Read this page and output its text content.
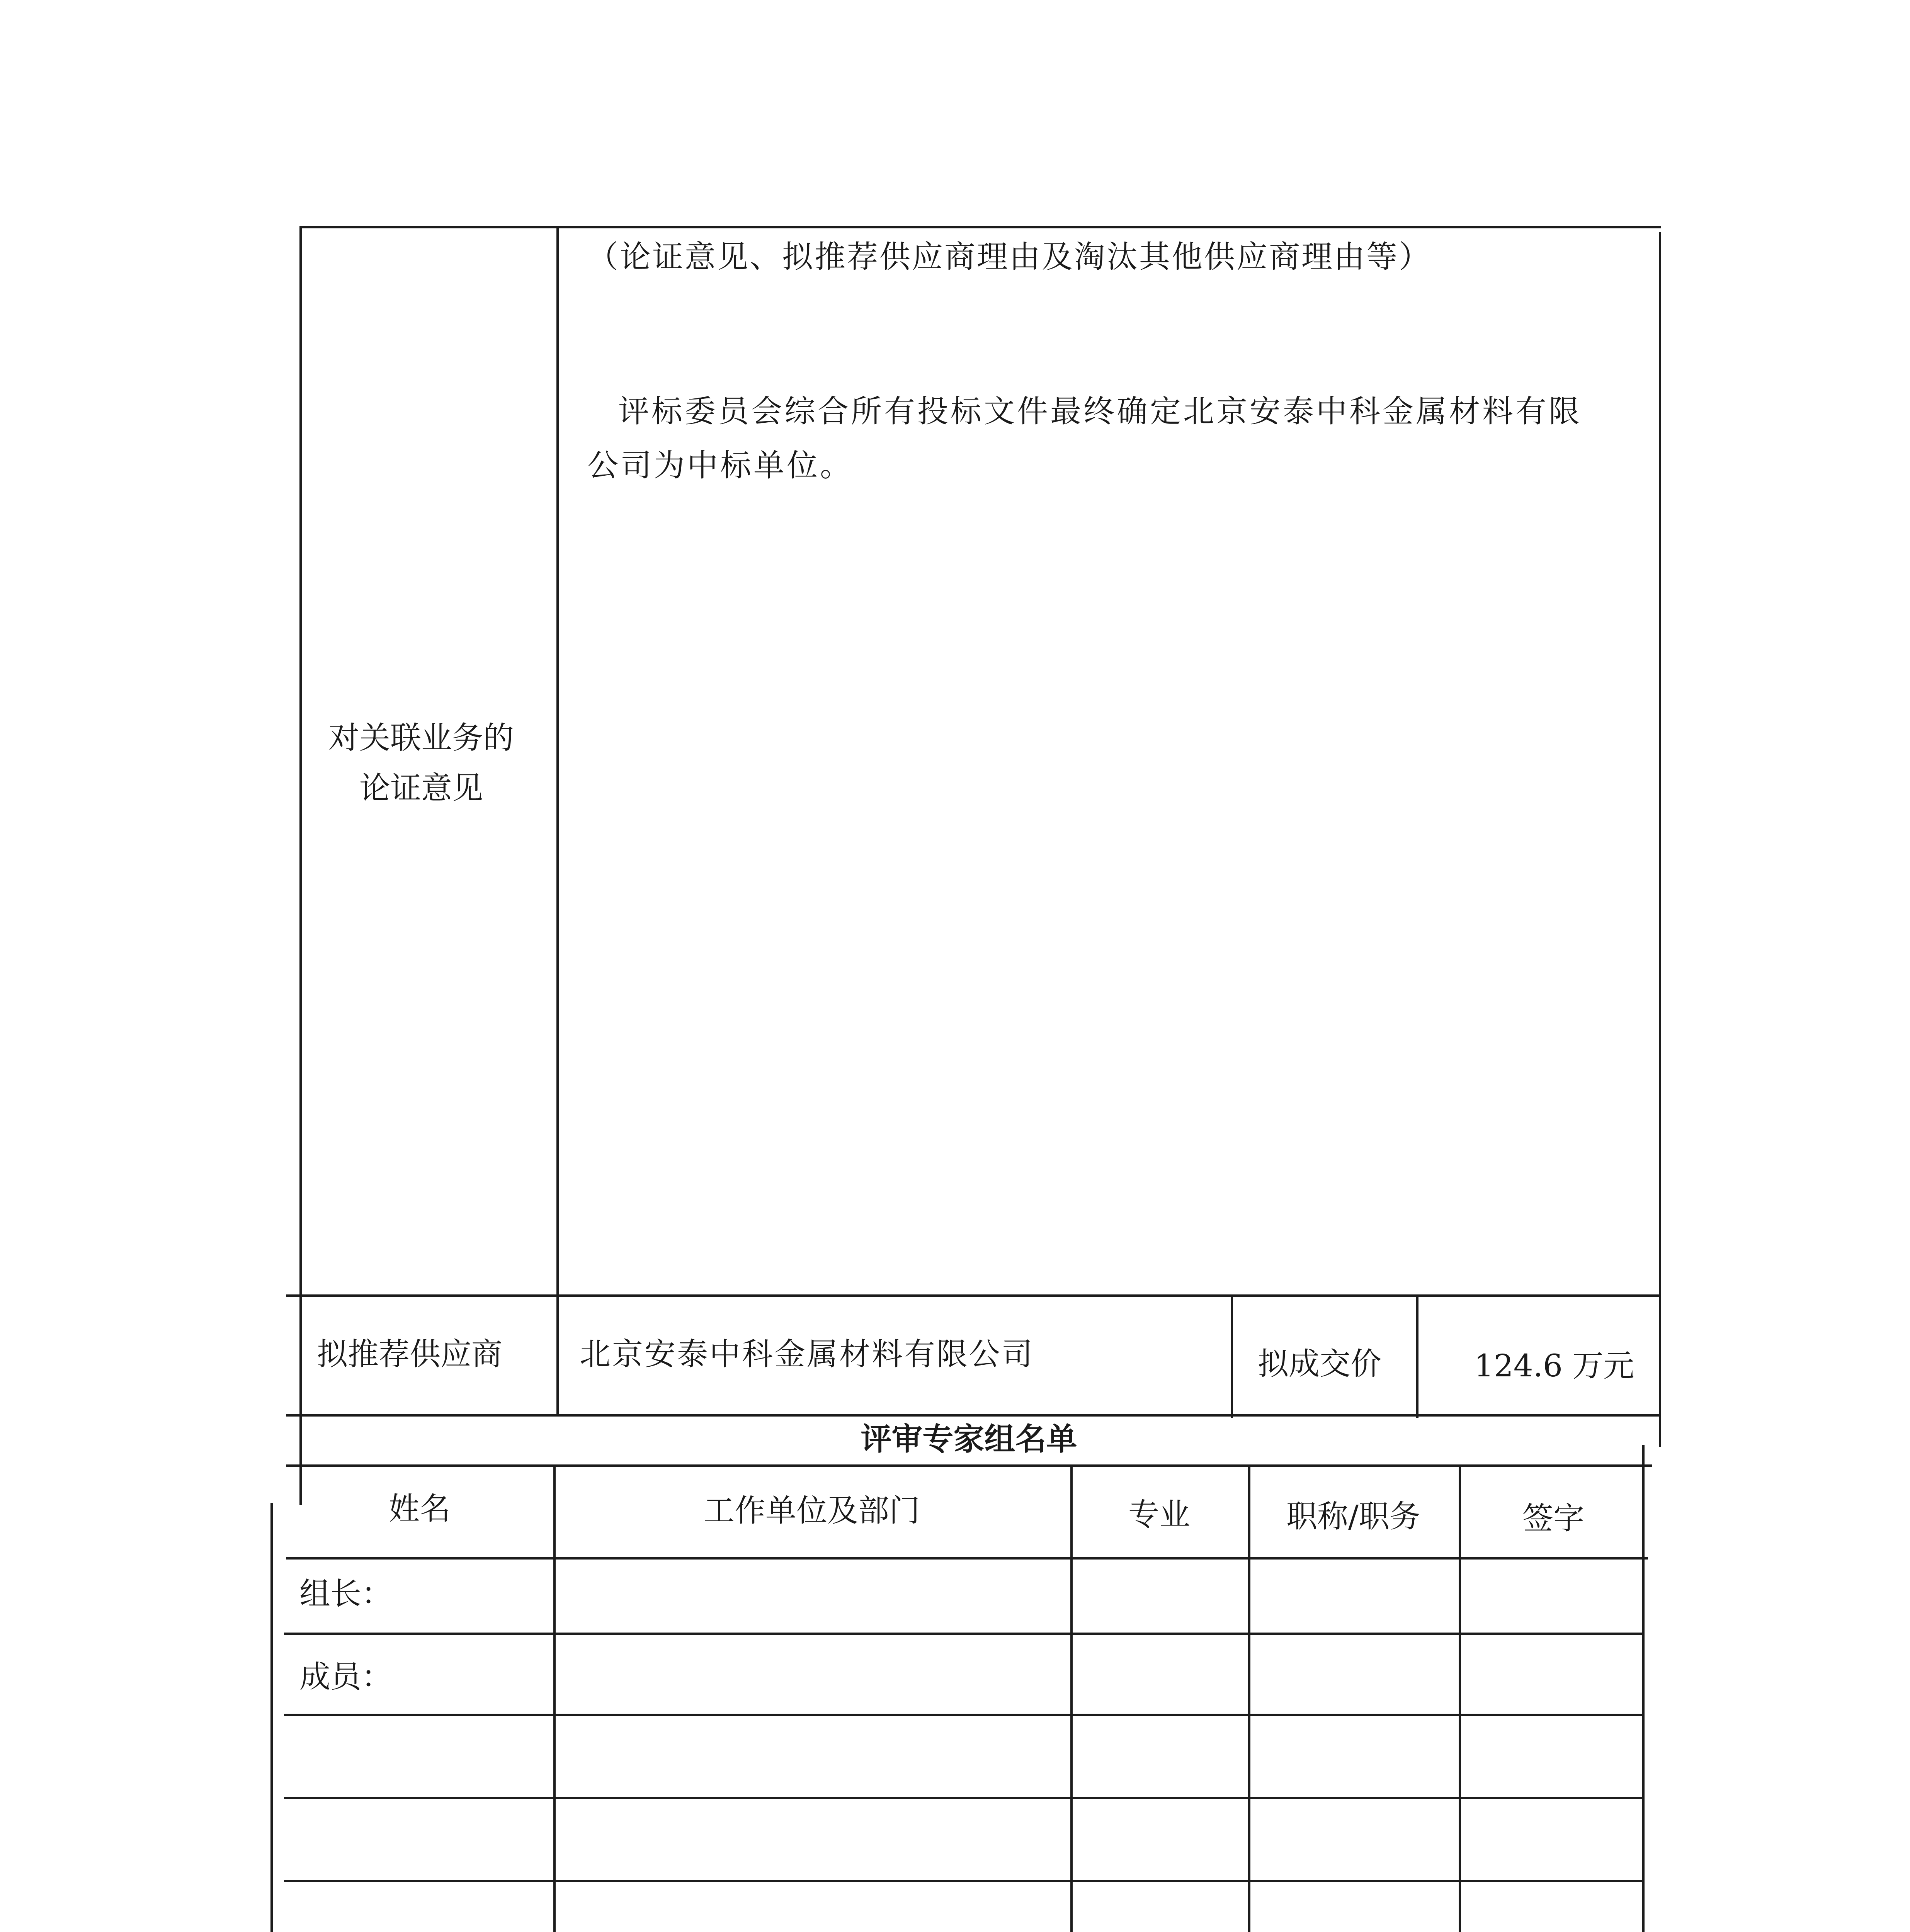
对关联业务的
论证意见
（论证意见、拟推荐供应商理由及淘汰其他供应商理由等）
评标委员会综合所有投标文件最终确定北京安泰中科金属材料有限公司为中标单位。
拟推荐供应商	北京安泰中科金属材料有限公司	拟成交价	124.6 万元
评审专家组名单
姓名	工作单位及部门	专业	职称/职务	签字
组长：
成员：
